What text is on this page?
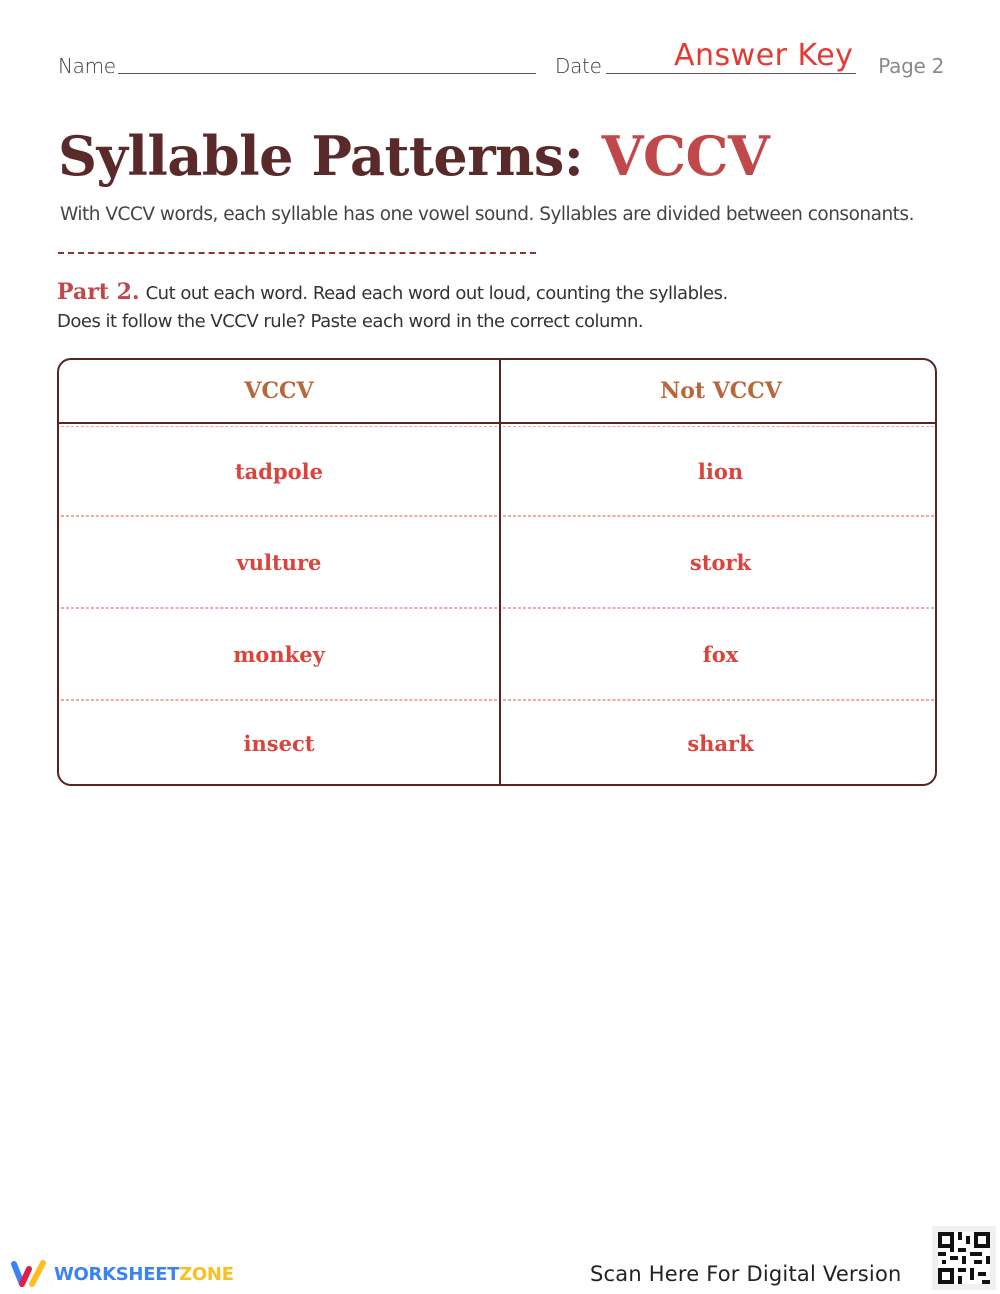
Name	Date Answer Key Page 2
Syllable Patterns: VCCV
With VCCV words, each syllable has one vowel sound. Syllables are divided between consonants.
Part 2. Cut out each word. Read each word out loud, counting the syllables.
Does it follow the VCCV rule? Paste each word in the correct column.
VCCV	Not VCCV
tadpole	lion
vulture	stork
monkey	fox
insect	shark
WORKSHEETZONE	Scan Here For Digital Version
